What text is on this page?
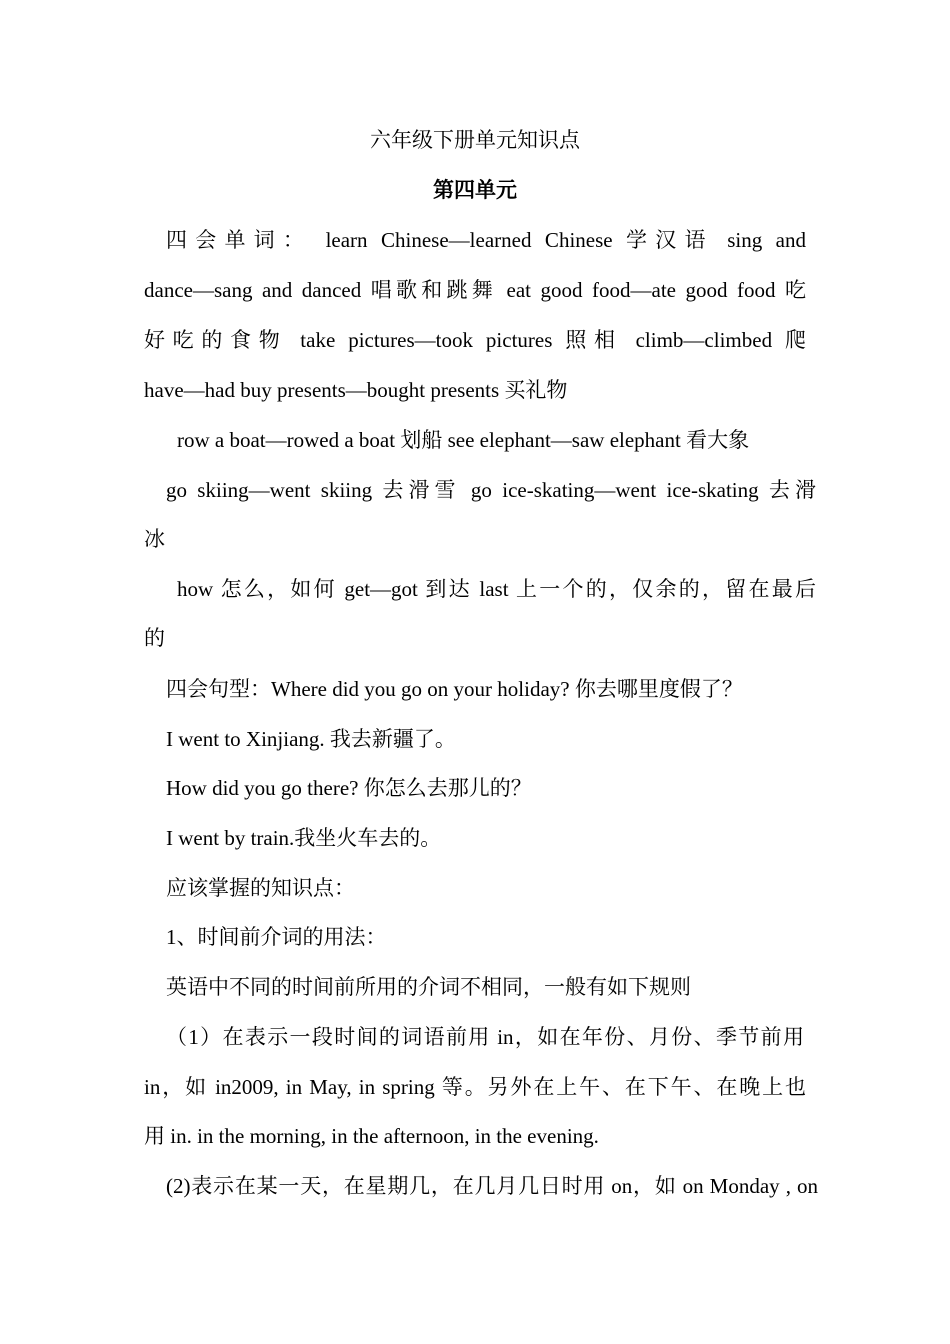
六年级下册单元知识点
第四单元
四会单词： learn Chinese—learned Chinese 学汉语 sing and
dance—sang and danced 唱歌和跳舞 eat good food—ate good food 吃
好吃的食物 take pictures—took pictures 照相 climb—climbed 爬
have—had buy presents—bought presents 买礼物
row a boat—rowed a boat 划船 see elephant—saw elephant 看大象
go skiing—went skiing 去滑雪 go ice-skating—went ice-skating 去滑
冰
how 怎么，如何 get—got 到达 last 上一个的，仅余的，留在最后
的
四会句型：Where did you go on your holiday? 你去哪里度假了？
I went to Xinjiang. 我去新疆了。
How did you go there? 你怎么去那儿的？
I went by train.我坐火车去的。
应该掌握的知识点：
1、时间前介词的用法：
英语中不同的时间前所用的介词不相同，一般有如下规则
（1）在表示一段时间的词语前用 in，如在年份、月份、季节前用
in，如 in2009, in May, in spring 等。另外在上午、在下午、在晚上也
用 in. in the morning, in the afternoon, in the evening.
(2)表示在某一天，在星期几，在几月几日时用 on，如 on Monday , on
